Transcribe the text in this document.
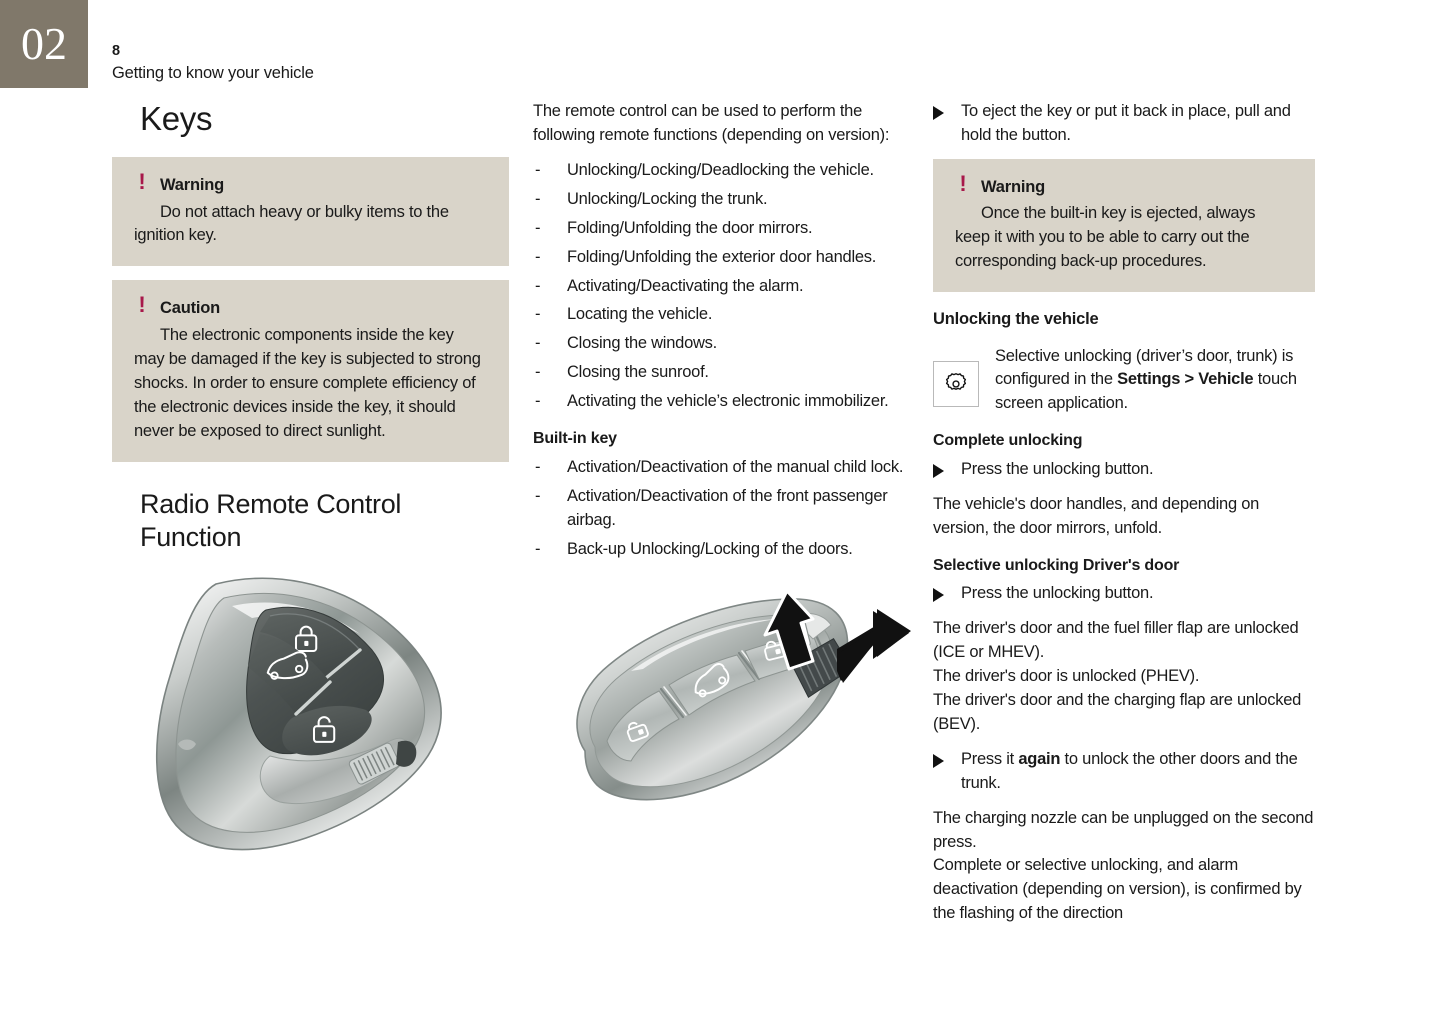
02	8
Getting to know your vehicle
Keys
! Warning
Do not attach heavy or bulky items to the ignition key.
! Caution
The electronic components inside the key may be damaged if the key is subjected to strong shocks. In order to ensure complete efficiency of the electronic devices inside the key, it should never be exposed to direct sunlight.
Radio Remote Control Function

The remote control can be used to perform the following remote functions (depending on version):

- Unlocking/Locking/Deadlocking the vehicle.
- Unlocking/Locking the trunk.
- Folding/Unfolding the door mirrors.
- Folding/Unfolding the exterior door handles.
- Activating/Deactivating the alarm.
- Locating the vehicle.
- Closing the windows.
- Closing the sunroof.
- Activating the vehicle’s electronic immobilizer.
Built-in key
- Activation/Deactivation of the manual child lock.
- Activation/Deactivation of the front passenger airbag.
- Back-up Unlocking/Locking of the doors.
To eject the key or put it back in place, pull and hold the button.
! Warning
Once the built-in key is ejected, always keep it with you to be able to carry out the corresponding back-up procedures.
Unlocking the vehicle
Selective unlocking (driver’s door, trunk) is configured in the Settings > Vehicle touch screen application.
Complete unlocking
Press the unlocking button.

The vehicle's door handles, and depending on version, the door mirrors, unfold.

Selective unlocking Driver's door
Press the unlocking button.

The driver's door and the fuel filler flap are unlocked (ICE or MHEV).

The driver's door is unlocked (PHEV).

The driver's door and the charging flap are unlocked (BEV).

Press it again to unlock the other doors and the trunk.

The charging nozzle can be unplugged on the second press.

Complete or selective unlocking, and alarm deactivation (depending on version), is confirmed by the flashing of the direction
